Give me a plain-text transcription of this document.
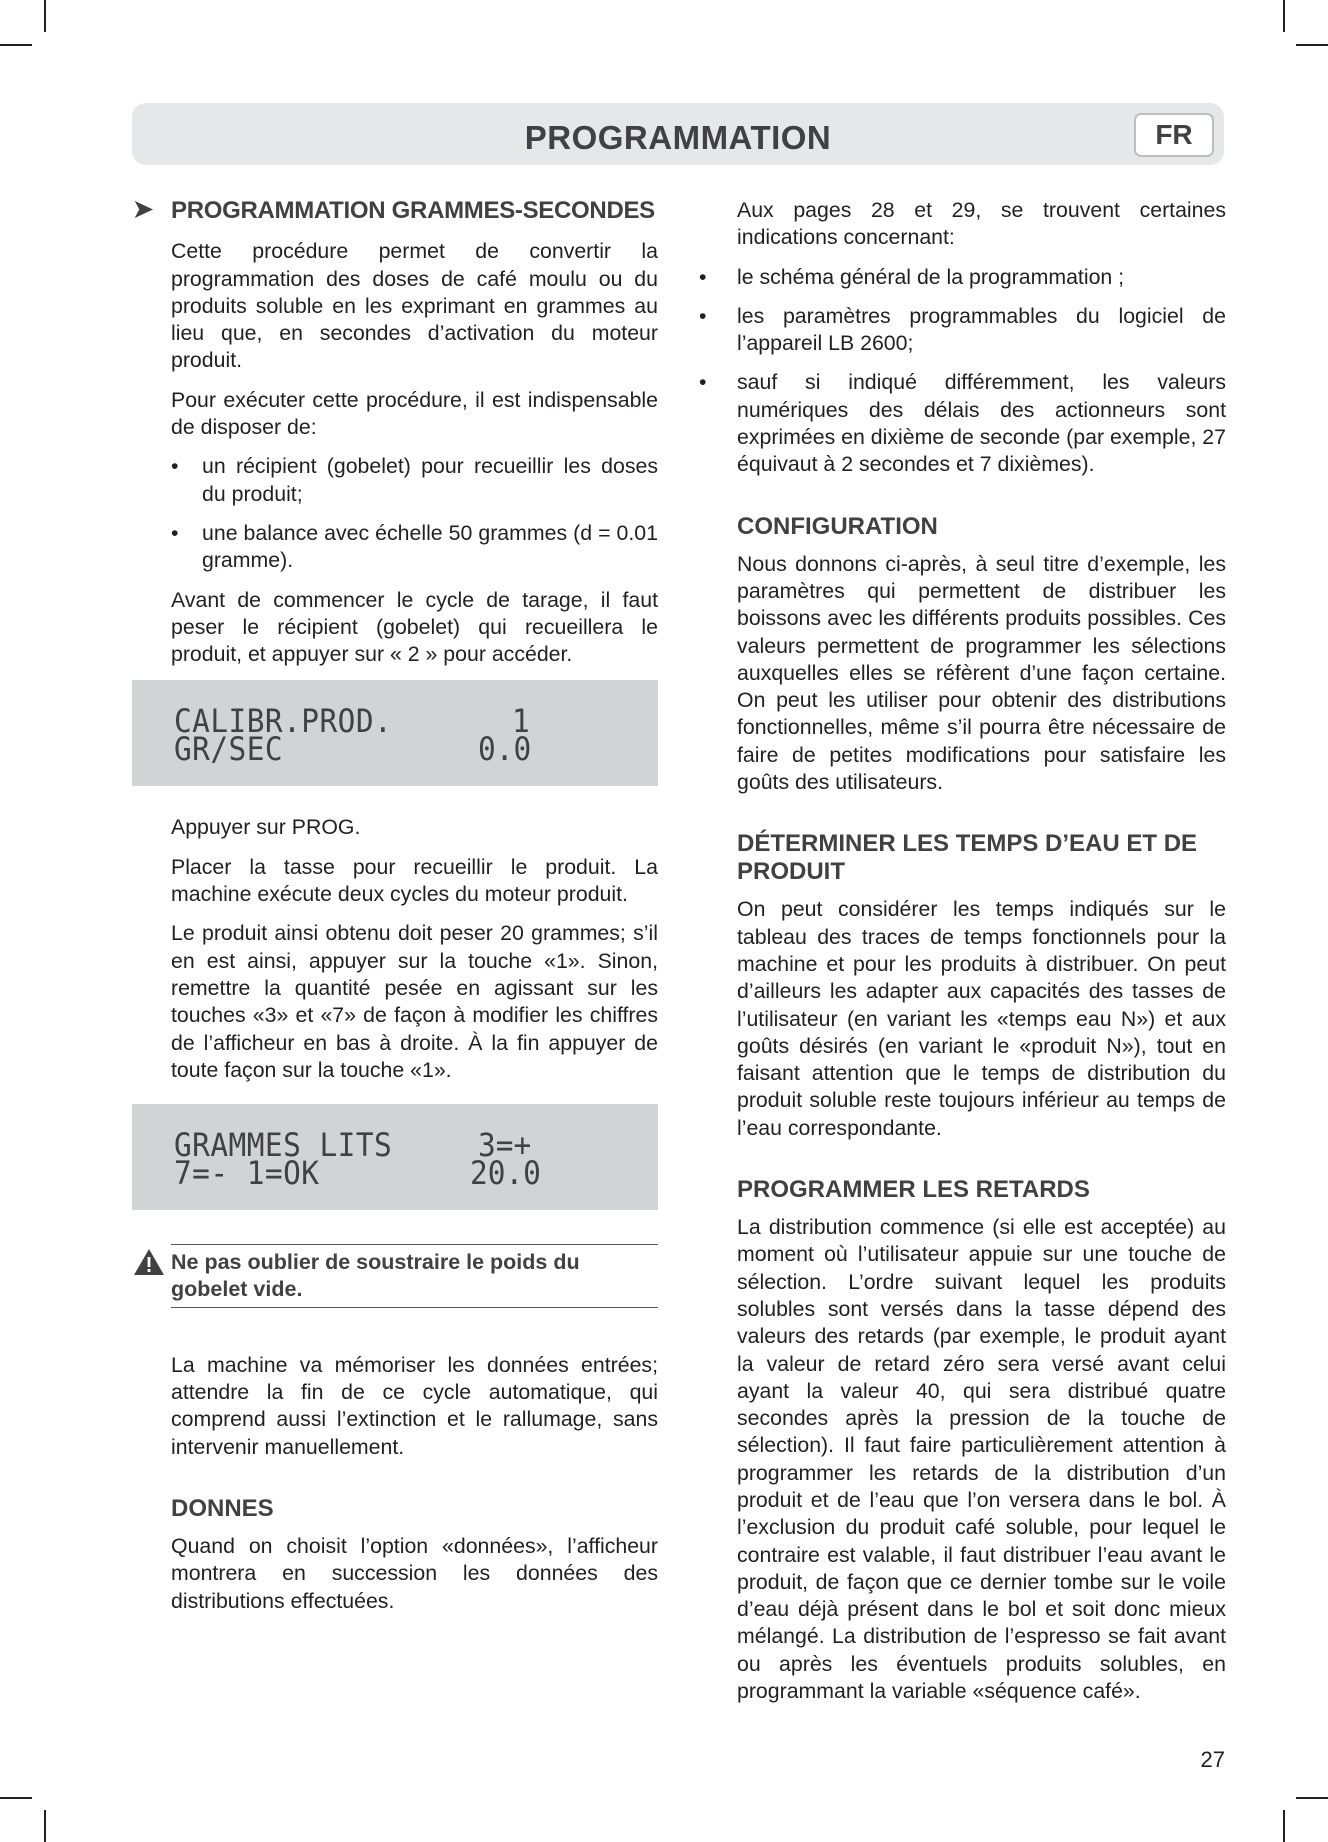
PROGRAMMATION	FR
➤ PROGRAMMATION GRAMMES-SECONDES

Cette procédure permet de convertir la programmation des doses de café moulu ou du produits soluble en les exprimant en grammes au lieu que, en secondes d’activation du moteur produit.

Pour exécuter cette procédure, il est indispensable de disposer de:

• un récipient (gobelet) pour recueillir les doses du produit;
• une balance avec échelle 50 grammes (d = 0.01 gramme).

Avant de commencer le cycle de tarage, il faut peser le récipient (gobelet) qui recueillera le produit, et appuyer sur « 2 » pour accéder.

CALIBR.PROD.	1
GR/SEC	0.0

Appuyer sur PROG.

Placer la tasse pour recueillir le produit. La machine exécute deux cycles du moteur produit.

Le produit ainsi obtenu doit peser 20 grammes; s’il en est ainsi, appuyer sur la touche «1». Sinon, remettre la quantité pesée en agissant sur les touches «3» et «7» de façon à modifier les chiffres de l’afficheur en bas à droite. À la fin appuyer de toute façon sur la touche «1».

GRAMMES LITS	3=+
7=- 1=OK	20.0
Ne pas oublier de soustraire le poids du gobelet vide.

La machine va mémoriser les données entrées; attendre la fin de ce cycle automatique, qui comprend aussi l’extinction et le rallumage, sans intervenir manuellement.

DONNES

Quand on choisit l’option «données», l’afficheur montrera en succession les données des distributions effectuées.

Aux pages 28 et 29, se trouvent certaines indications concernant:

• le schéma général de la programmation ;
• les paramètres programmables du logiciel de l’appareil LB 2600;
• sauf si indiqué différemment, les valeurs numériques des délais des actionneurs sont exprimées en dixième de seconde (par exemple, 27 équivaut à 2 secondes et 7 dixièmes).
CONFIGURATION

Nous donnons ci-après, à seul titre d’exemple, les paramètres qui permettent de distribuer les boissons avec les différents produits possibles. Ces valeurs permettent de programmer les sélections auxquelles elles se réfèrent d’une façon certaine. On peut les utiliser pour obtenir des distributions fonctionnelles, même s’il pourra être nécessaire de faire de petites modifications pour satisfaire les goûts des utilisateurs.

DÉTERMINER LES TEMPS D’EAU ET DE PRODUIT

On peut considérer les temps indiqués sur le tableau des traces de temps fonctionnels pour la machine et pour les produits à distribuer. On peut d’ailleurs les adapter aux capacités des tasses de l’utilisateur (en variant les «temps eau N») et aux goûts désirés (en variant le «produit N»), tout en faisant attention que le temps de distribution du produit soluble reste toujours inférieur au temps de l’eau correspondante.

PROGRAMMER LES RETARDS

La distribution commence (si elle est acceptée) au moment où l’utilisateur appuie sur une touche de sélection. L’ordre suivant lequel les produits solubles sont versés dans la tasse dépend des valeurs des retards (par exemple, le produit ayant la valeur de retard zéro sera versé avant celui ayant la valeur 40, qui sera distribué quatre secondes après la pression de la touche de sélection). Il faut faire particulièrement attention à programmer les retards de la distribution d’un produit et de l’eau que l’on versera dans le bol. À l’exclusion du produit café soluble, pour lequel le contraire est valable, il faut distribuer l’eau avant le produit, de façon que ce dernier tombe sur le voile d’eau déjà présent dans le bol et soit donc mieux mélangé. La distribution de l’espresso se fait avant ou après les éventuels produits solubles, en programmant la variable «séquence café».

27
